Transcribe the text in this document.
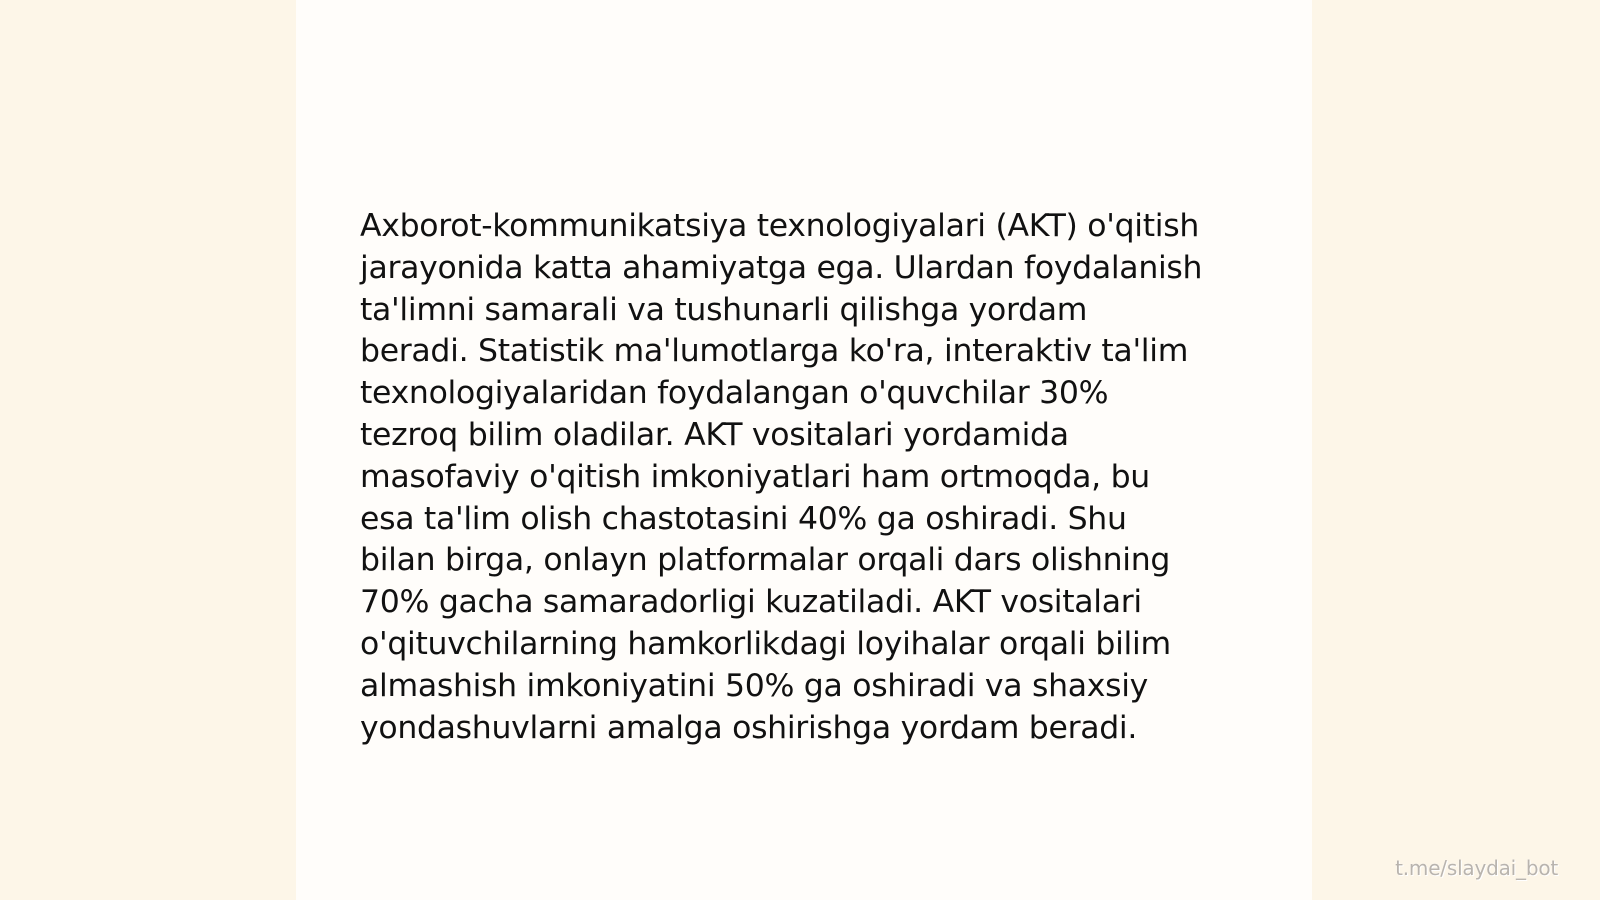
Axborot-kommunikatsiya texnologiyalari (AKT) o'qitish
jarayonida katta ahamiyatga ega. Ulardan foydalanish
ta'limni samarali va tushunarli qilishga yordam
beradi. Statistik ma'lumotlarga ko'ra, interaktiv ta'lim
texnologiyalaridan foydalangan o'quvchilar 30%
tezroq bilim oladilar. AKT vositalari yordamida
masofaviy o'qitish imkoniyatlari ham ortmoqda, bu
esa ta'lim olish chastotasini 40% ga oshiradi. Shu
bilan birga, onlayn platformalar orqali dars olishning
70% gacha samaradorligi kuzatiladi. AKT vositalari
o'qituvchilarning hamkorlikdagi loyihalar orqali bilim
almashish imkoniyatini 50% ga oshiradi va shaxsiy
yondashuvlarni amalga oshirishga yordam beradi.

t.me/slaydai_bot
